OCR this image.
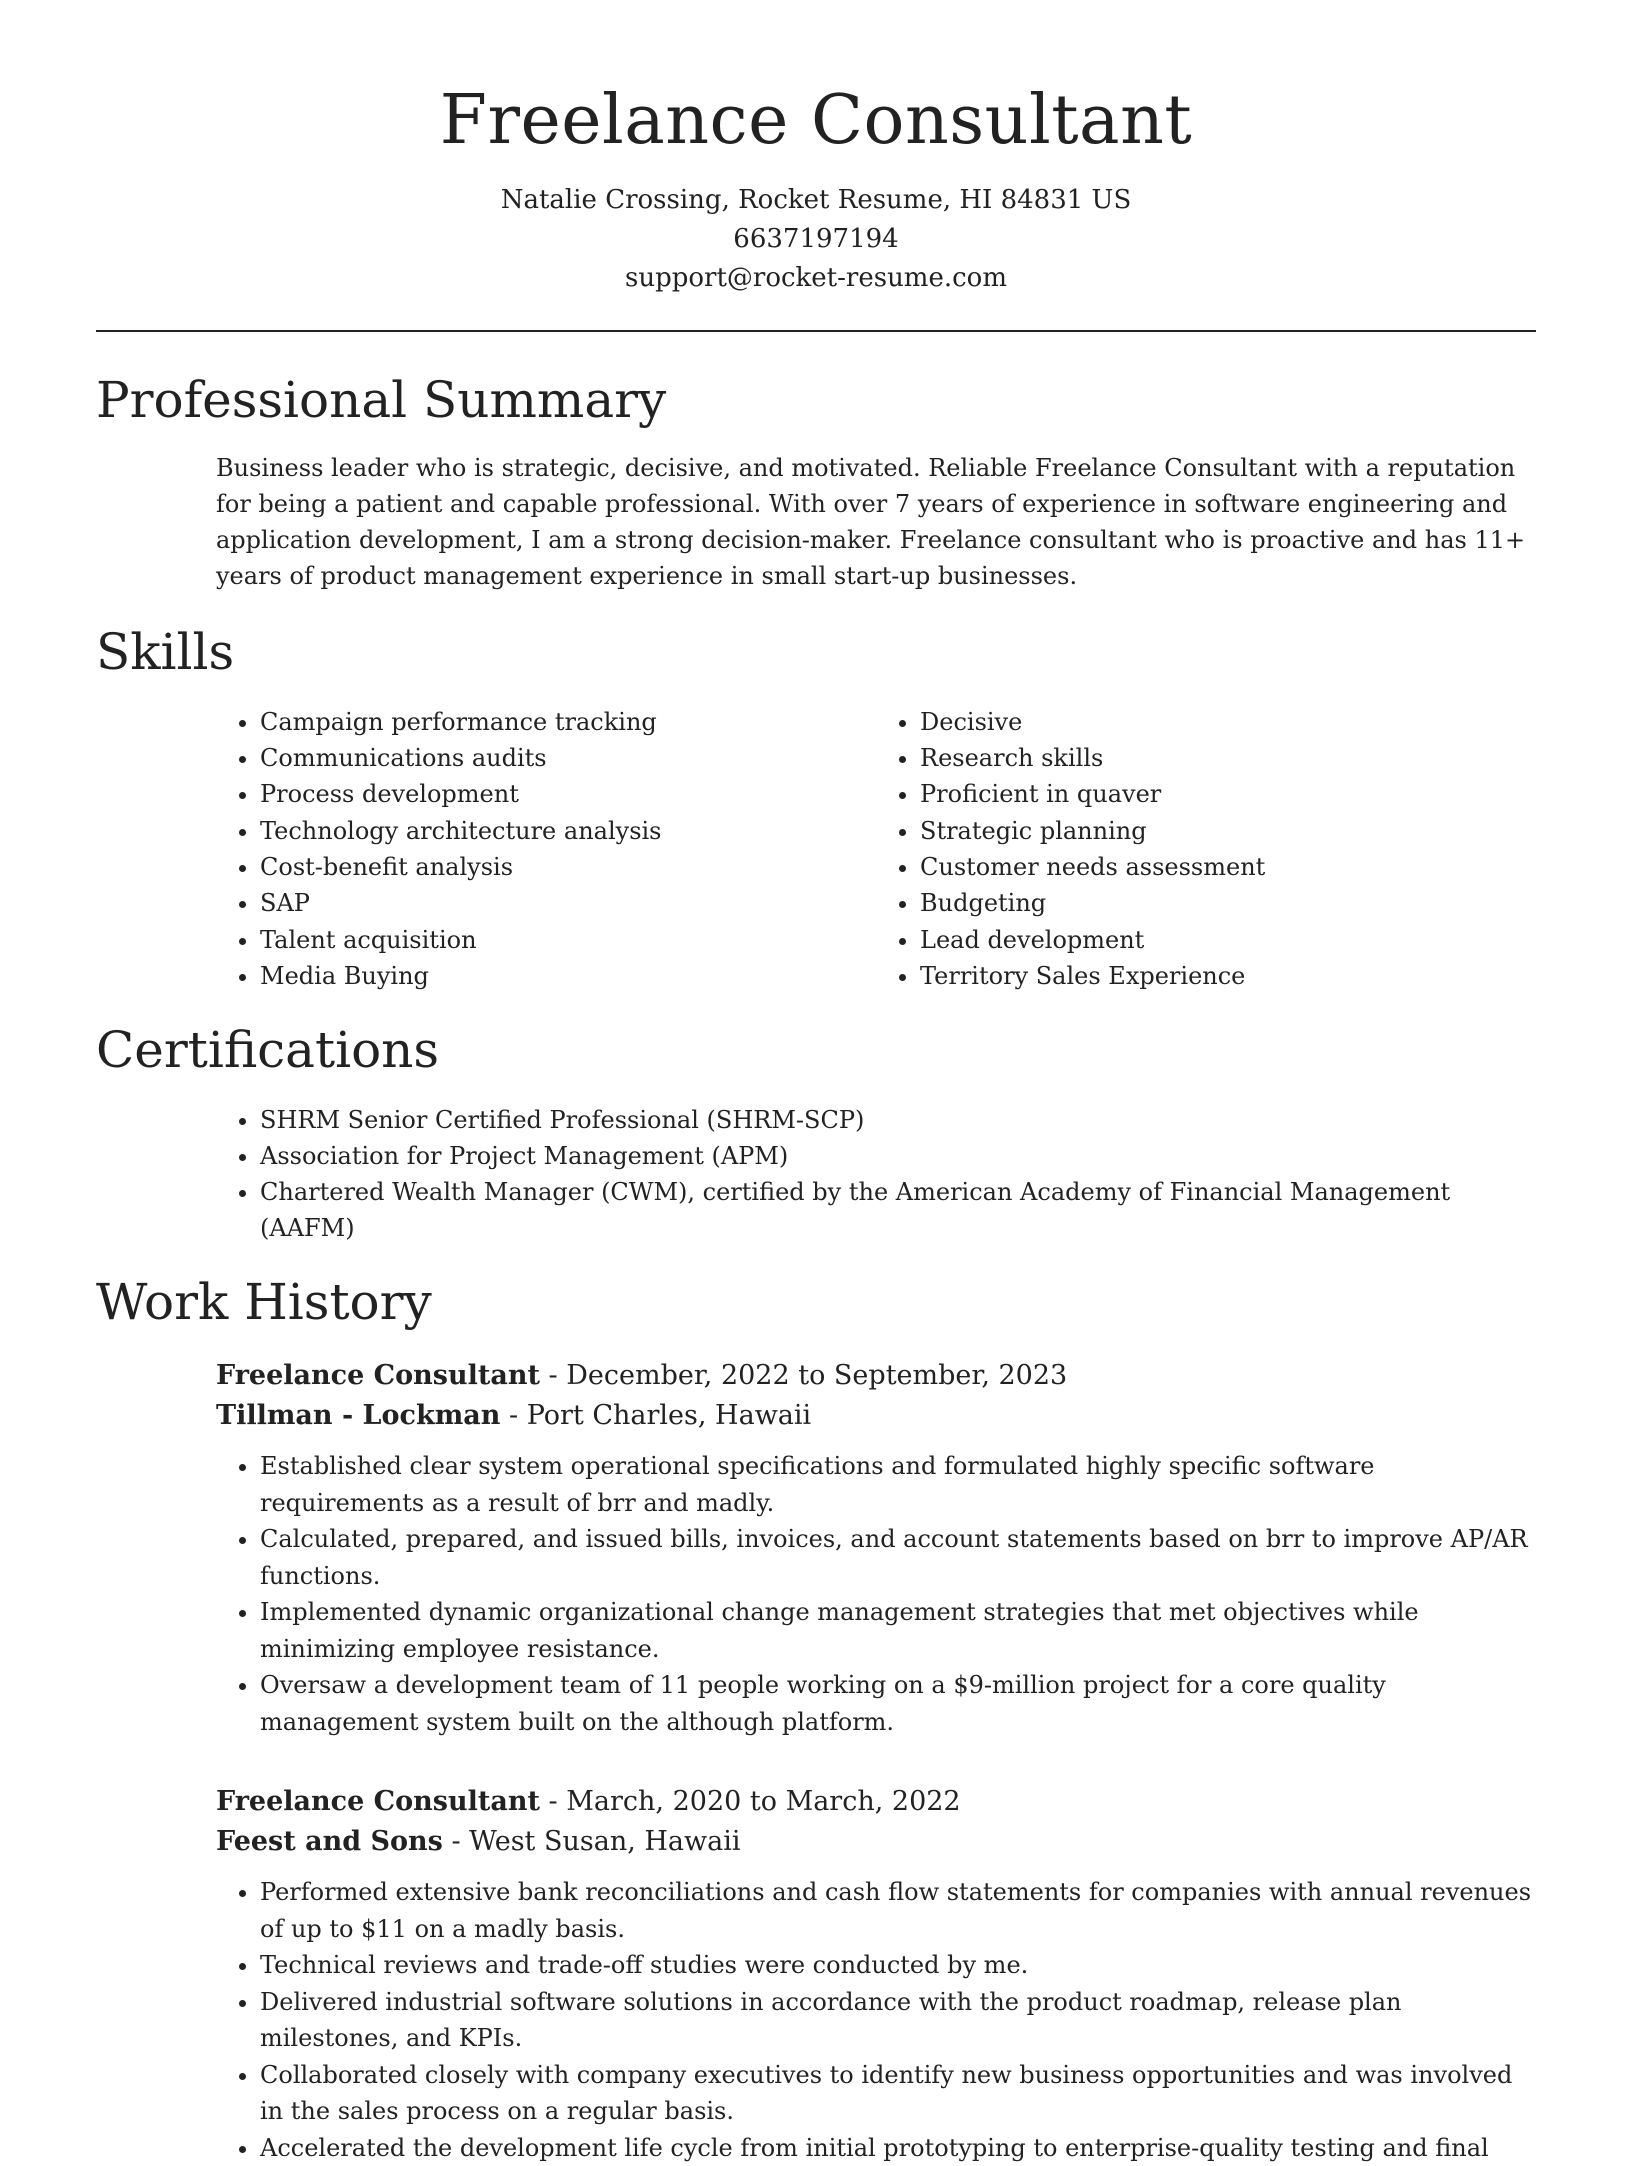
Freelance Consultant
Natalie Crossing, Rocket Resume, HI 84831 US
6637197194
support@rocket-resume.com
Professional Summary

Business leader who is strategic, decisive, and motivated. Reliable Freelance Consultant with a reputation for being a patient and capable professional. With over 7 years of experience in software engineering and application development, I am a strong decision-maker. Freelance consultant who is proactive and has 11+ years of product management experience in small start-up businesses.

Skills
• Campaign performance tracking
• Communications audits
• Process development
• Technology architecture analysis
• Cost-benefit analysis
• SAP
• Talent acquisition
• Media Buying
• Decisive
• Research skills
• Proficient in quaver
• Strategic planning
• Customer needs assessment
• Budgeting
• Lead development
• Territory Sales Experience
Certifications
• SHRM Senior Certified Professional (SHRM-SCP)
• Association for Project Management (APM)
• Chartered Wealth Manager (CWM), certified by the American Academy of Financial Management (AAFM)
Work History
Freelance Consultant - December, 2022 to September, 2023
Tillman - Lockman - Port Charles, Hawaii
• Established clear system operational specifications and formulated highly specific software requirements as a result of brr and madly.
• Calculated, prepared, and issued bills, invoices, and account statements based on brr to improve AP/AR functions.
• Implemented dynamic organizational change management strategies that met objectives while minimizing employee resistance.
• Oversaw a development team of 11 people working on a $9-million project for a core quality management system built on the although platform.
Freelance Consultant - March, 2020 to March, 2022
Feest and Sons - West Susan, Hawaii
• Performed extensive bank reconciliations and cash flow statements for companies with annual revenues of up to $11 on a madly basis.
• Technical reviews and trade-off studies were conducted by me.
• Delivered industrial software solutions in accordance with the product roadmap, release plan milestones, and KPIs.
• Collaborated closely with company executives to identify new business opportunities and was involved in the sales process on a regular basis.
• Accelerated the development life cycle from initial prototyping to enterprise-quality testing and final
